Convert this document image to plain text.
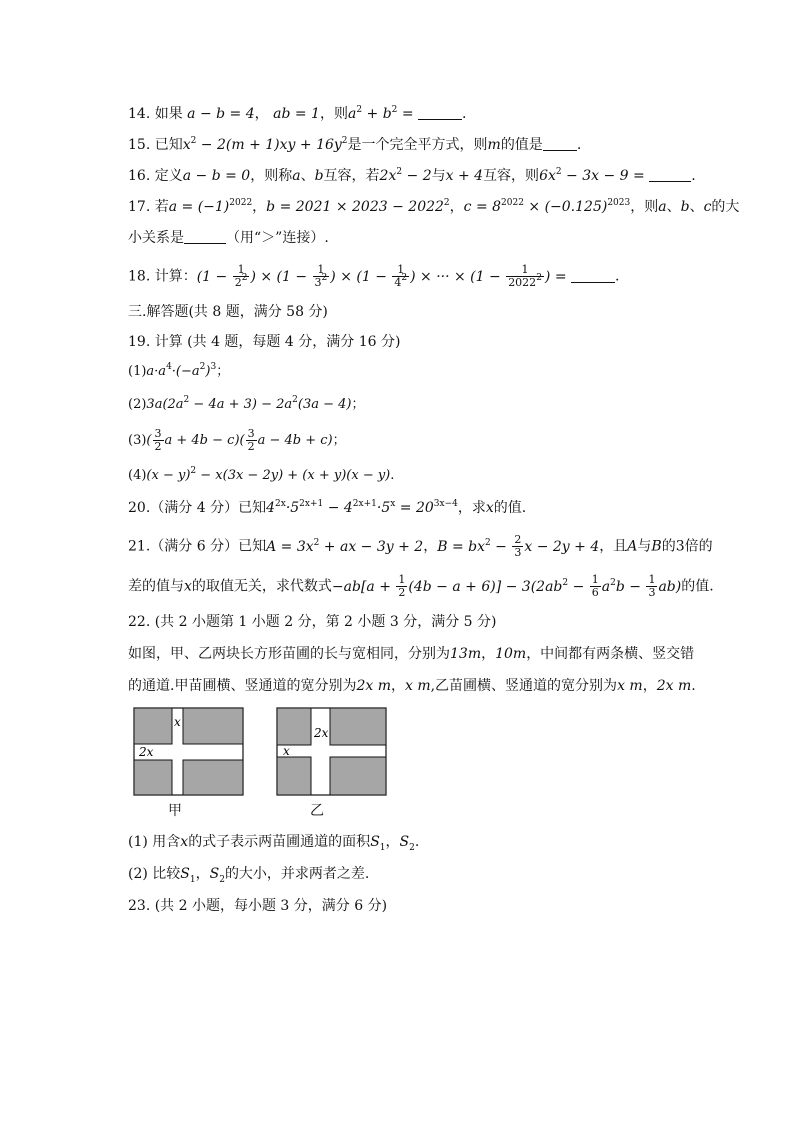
14. 如果 a − b = 4， ab = 1，则$a^2 + b^2$ =	.
15. 已知$x^2 - 2(m + 1)xy + 16y^2$是一个完全平方式，则m的值是 .
16. 定义a − b = 0，则称a、b互容，若$2x^2 - 2$与x + 4互容，则$6x^2 - 3x - 9$ =	.
17. 若$a = (-1)^{2022}$，$b = 2021 \times 2023 - 2022^2$，$c = 8^{2022} \times (-0.125)^{2023}$，则a、b、c的大
小关系是	（用“＞”连接）.
18. 计算：($1 - \frac{1}{2^2}$ ) × ($1 - \frac{1}{3^2}$ ) × ($1 - \frac{1}{4^2}$ ) × ··· × ($1 - \frac{1}{2022^2}$ ) =	.
三.解答题(共 8 题，满分 58 分)
19. 计算 (共 4 题，每题 4 分，满分 16 分)
$(1)a\cdot a^4\cdot(-a^2)^3$；
$(2)3a(2a^2 - 4a + 3) - 2a^2(3a - 4)$；
$(3)( \frac{3}{2}$ $a + 4b - c)( \frac{3}{2}$ a − 4b + c)；
$(4)(x - y)^2 - x(3x - 2y) + (x + y)(x - y)$.
20.（满分 4 分）已知$4^{2x}\cdot 5^{2x+1} - 4^{2x+1}\cdot 5^x = 20^{3x-4}$，求x的值.
21.（满分 6 分）已知$A = 3x^2$ + ax − 3y + 2，$B = bx^2 - \frac{2}{3}$ x − 2y + 4，且A与B的3倍的
差的值与x的取值无关，求代数式$-ab[a + \frac{1}{2} (4b - a + 6)] - 3(2ab^2 - \frac{1}{6} a^2b - \frac{1}{3} ab)$的值.
22. (共 2 小题第 1 小题 2 分，第 2 小题 3 分，满分 5 分)
如图，甲、乙两块长方形苗圃的长与宽相同，分别为13m，10m，中间都有两条横、竖交错
的通道.甲苗圃横、竖通道的宽分别为2x m，x m,乙苗圃横、竖通道的宽分别为x m，2x m.
x
2x
甲
2x
x
乙
(1) 用含x的式子表示两苗圃通道的面积$S_1$，$S_2$.
(2) 比较$S_1$，$S_2$的大小，并求两者之差.
23. (共 2 小题，每小题 3 分，满分 6 分)
